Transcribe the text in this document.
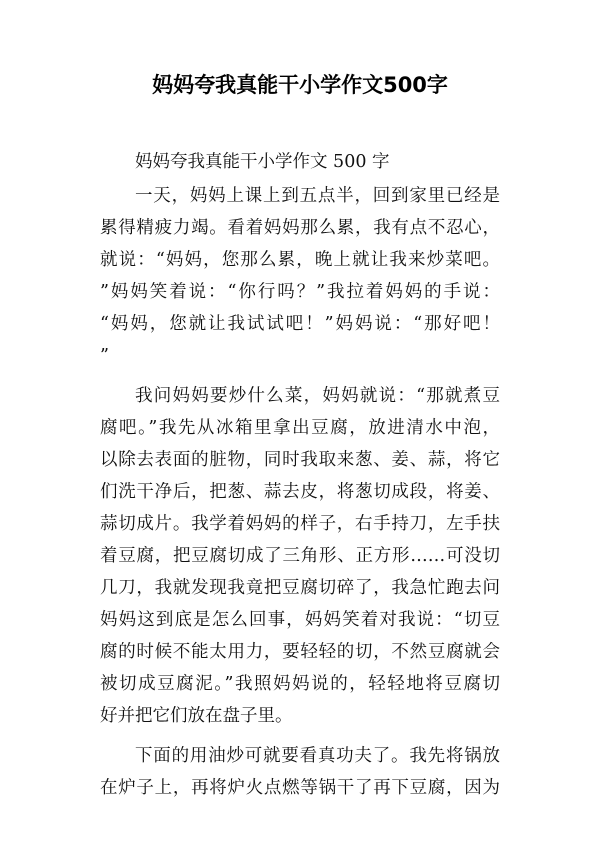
妈妈夸我真能干小学作文500字
妈妈夸我真能干小学作文 500 字
一天，妈妈上课上到五点半，回到家里已经是
累得精疲力竭。看着妈妈那么累，我有点不忍心，
就说：“妈妈，您那么累，晚上就让我来炒菜吧。
”妈妈笑着说：“你行吗？”我拉着妈妈的手说：
“妈妈，您就让我试试吧！”妈妈说：“那好吧！
”
我问妈妈要炒什么菜，妈妈就说：“那就煮豆
腐吧。”我先从冰箱里拿出豆腐，放进清水中泡，
以除去表面的脏物，同时我取来葱、姜、蒜，将它
们洗干净后，把葱、蒜去皮，将葱切成段，将姜、
蒜切成片。我学着妈妈的样子，右手持刀，左手扶
着豆腐，把豆腐切成了三角形、正方形……可没切
几刀，我就发现我竟把豆腐切碎了，我急忙跑去问
妈妈这到底是怎么回事，妈妈笑着对我说：“切豆
腐的时候不能太用力，要轻轻的切，不然豆腐就会
被切成豆腐泥。”我照妈妈说的，轻轻地将豆腐切
好并把它们放在盘子里。
下面的用油炒可就要看真功夫了。我先将锅放
在炉子上，再将炉火点燃等锅干了再下豆腐，因为
